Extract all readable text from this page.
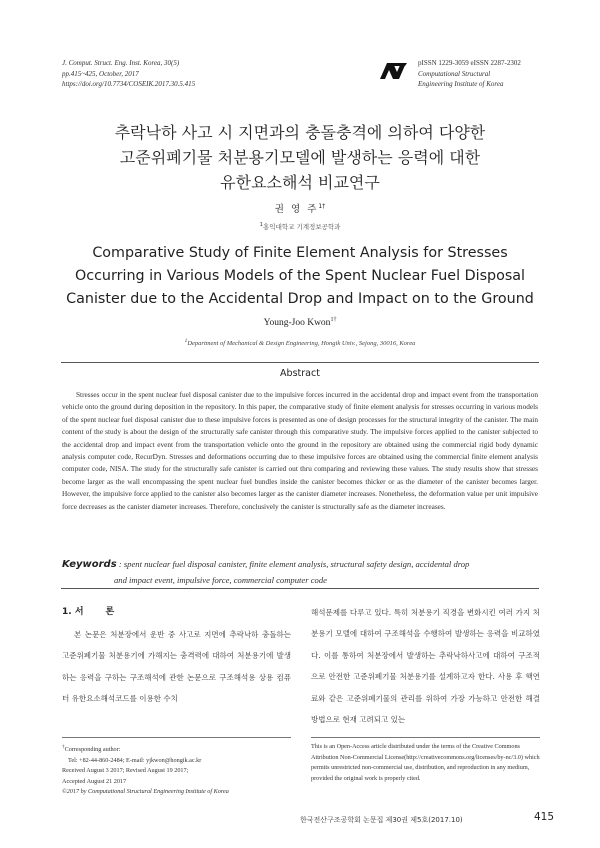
J. Comput. Struct. Eng. Inst. Korea, 30(5)
pp.415~425, October, 2017
https://doi.org/10.7734/COSEIK.2017.30.5.415
pISSN 1229-3059 eISSN 2287-2302
Computational Structural
Engineering Institute of Korea
추락낙하 사고 시 지면과의 충돌충격에 의하여 다양한
고준위폐기물 처분용기모델에 발생하는 응력에 대한
유한요소해석 비교연구
권 영 주$^{1\dagger}$
$^1$홍익대학교 기계정보공학과
Comparative Study of Finite Element Analysis for Stresses
Occurring in Various Models of the Spent Nuclear Fuel Disposal
Canister due to the Accidental Drop and Impact on to the Ground
Young-Joo Kwon$^{1\dagger}$
$^1$Department of Mechanical & Design Engineering, Hongik Univ., Sejong, 30016, Korea
Abstract
Stresses occur in the spent nuclear fuel disposal canister due to the impulsive forces incurred in the accidental drop and impact event from the transportation vehicle onto the ground during deposition in the repository. In this paper, the comparative study of finite element analysis for stresses occurring in various models of the spent nuclear fuel disposal canister due to these impulsive forces is presented as one of design processes for the structural integrity of the canister. The main content of the study is about the design of the structurally safe canister through this comparative study. The impulsive forces applied to the canister subjected to the accidental drop and impact event from the transportation vehicle onto the ground in the repository are obtained using the commercial rigid body dynamic analysis computer code, RecurDyn. Stresses and deformations occurring due to these impulsive forces are obtained using the commercial finite element analysis computer code, NISA. The study for the structurally safe canister is carried out thru comparing and reviewing these values. The study results show that stresses become larger as the wall encompassing the spent nuclear fuel bundles inside the canister becomes thicker or as the diameter of the canister becomes larger. However, the impulsive force applied to the canister also becomes larger as the canister diameter increases. Nonetheless, the deformation value per unit impulsive force decreases as the canister diameter increases. Therefore, conclusively the canister is structurally safe as the diameter increases.
Keywords : spent nuclear fuel disposal canister, finite element analysis, structural safety design, accidental drop
and impact event, impulsive force, commercial computer code
1. 서 론
본 논문은 처분장에서 운반 중 사고로 지면에 추락낙하 충돌하는 고준위폐기물 처분용기에 가해지는 충격력에 대하여 처분용기에 발생하는 응력을 구하는 구조해석에 관한 논문으로 구조해석용 상용 컴퓨터 유한요소해석코드를 이용한 수치
해석문제를 다루고 있다. 특히 처분용기 직경을 변화시킨 여러 가지 처분용기 모델에 대하여 구조해석을 수행하여 발생하는 응력을 비교하였다. 이를 통하여 처분장에서 발생하는 추락낙하사고에 대하여 구조적으로 안전한 고준위폐기물 처분용기를 설계하고자 한다. 사용 후 핵연료와 같은 고준위폐기물의 관리를 위하여 가장 가능하고 안전한 해결방법으로 현재 고려되고 있는
†Corresponding author:
Tel: +82-44-860-2484; E-mail: yjkwon@hongik.ac.kr
Received August 3 2017; Revised August 19 2017;
Accepted August 21 2017
©2017 by Computational Structural Engineering Institute of Korea
This is an Open-Access article distributed under the terms of the Creative Commons Attribution Non-Commercial License(http://creativecommons.org/licenses/by-nc/3.0) which permits unrestricted non-commercial use, distribution, and reproduction in any medium, provided the original work is properly cited.
한국전산구조공학회 논문집 제30권 제5호(2017.10)	415
